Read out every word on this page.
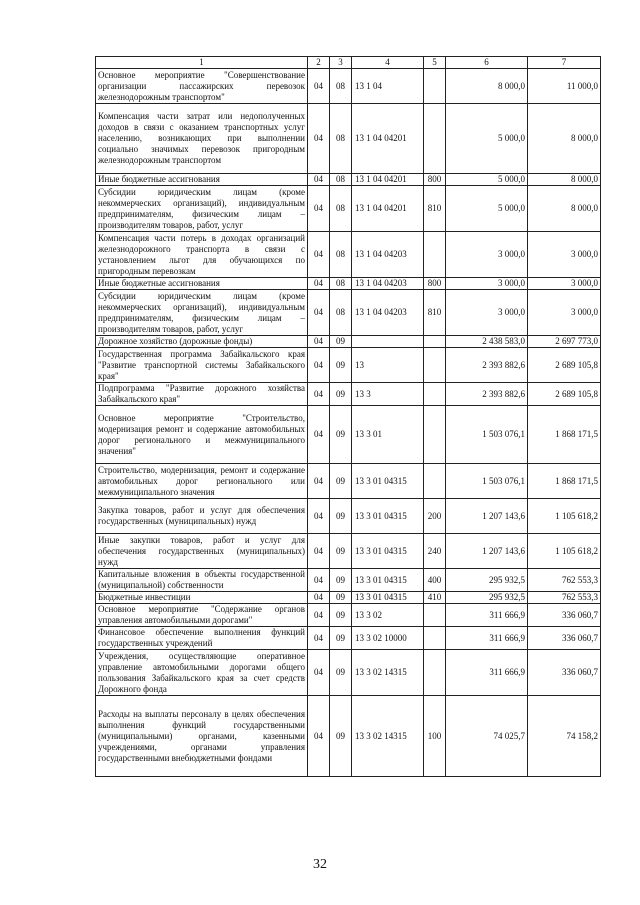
1	2	3	4	5	6	7
Основное мероприятие "Совершенствование организации пассажирских перевозок железнодорожным транспортом"	04	08	13 1 04		8 000,0	11 000,0
Компенсация части затрат или недополученных доходов в связи с оказанием транспортных услуг населению, возникающих при выполнении социально значимых перевозок пригородным железнодорожным транспортом	04	08	13 1 04 04201		5 000,0	8 000,0
Иные бюджетные ассигнования	04	08	13 1 04 04201	800	5 000,0	8 000,0
Субсидии юридическим лицам (кроме некоммерческих организаций), индивидуальным предпринимателям, физическим лицам – производителям товаров, работ, услуг	04	08	13 1 04 04201	810	5 000,0	8 000,0
Компенсация части потерь в доходах организаций железнодорожного транспорта в связи с установлением льгот для обучающихся по пригородным перевозкам	04	08	13 1 04 04203		3 000,0	3 000,0
Иные бюджетные ассигнования	04	08	13 1 04 04203	800	3 000,0	3 000,0
Субсидии юридическим лицам (кроме некоммерческих организаций), индивидуальным предпринимателям, физическим лицам – производителям товаров, работ, услуг	04	08	13 1 04 04203	810	3 000,0	3 000,0
Дорожное хозяйство (дорожные фонды)	04	09			2 438 583,0	2 697 773,0
Государственная программа Забайкальского края "Развитие транспортной системы Забайкальского края"	04	09	13		2 393 882,6	2 689 105,8
Подпрограмма "Развитие дорожного хозяйства Забайкальского края"	04	09	13 3		2 393 882,6	2 689 105,8
Основное мероприятие "Строительство, модернизация ремонт и содержание автомобильных дорог регионального и межмуниципального значения"	04	09	13 3 01		1 503 076,1	1 868 171,5
Строительство, модернизация, ремонт и содержание автомобильных дорог регионального или межмуниципального значения	04	09	13 3 01 04315		1 503 076,1	1 868 171,5
Закупка товаров, работ и услуг для обеспечения государственных (муниципальных) нужд	04	09	13 3 01 04315	200	1 207 143,6	1 105 618,2
Иные закупки товаров, работ и услуг для обеспечения государственных (муниципальных) нужд	04	09	13 3 01 04315	240	1 207 143,6	1 105 618,2
Капитальные вложения в объекты государственной (муниципальной) собственности	04	09	13 3 01 04315	400	295 932,5	762 553,3
Бюджетные инвестиции	04	09	13 3 01 04315	410	295 932,5	762 553,3
Основное мероприятие "Содержание органов управления автомобильными дорогами"	04	09	13 3 02		311 666,9	336 060,7
Финансовое обеспечение выполнения функций государственных учреждений	04	09	13 3 02 10000		311 666,9	336 060,7
Учреждения, осуществляющие оперативное управление автомобильными дорогами общего пользования Забайкальского края за счет средств Дорожного фонда	04	09	13 3 02 14315		311 666,9	336 060,7
Расходы на выплаты персоналу в целях обеспечения выполнения функций государственными (муниципальными) органами, казенными учреждениями, органами управления государственными внебюджетными фондами	04	09	13 3 02 14315	100	74 025,7	74 158,2
32
